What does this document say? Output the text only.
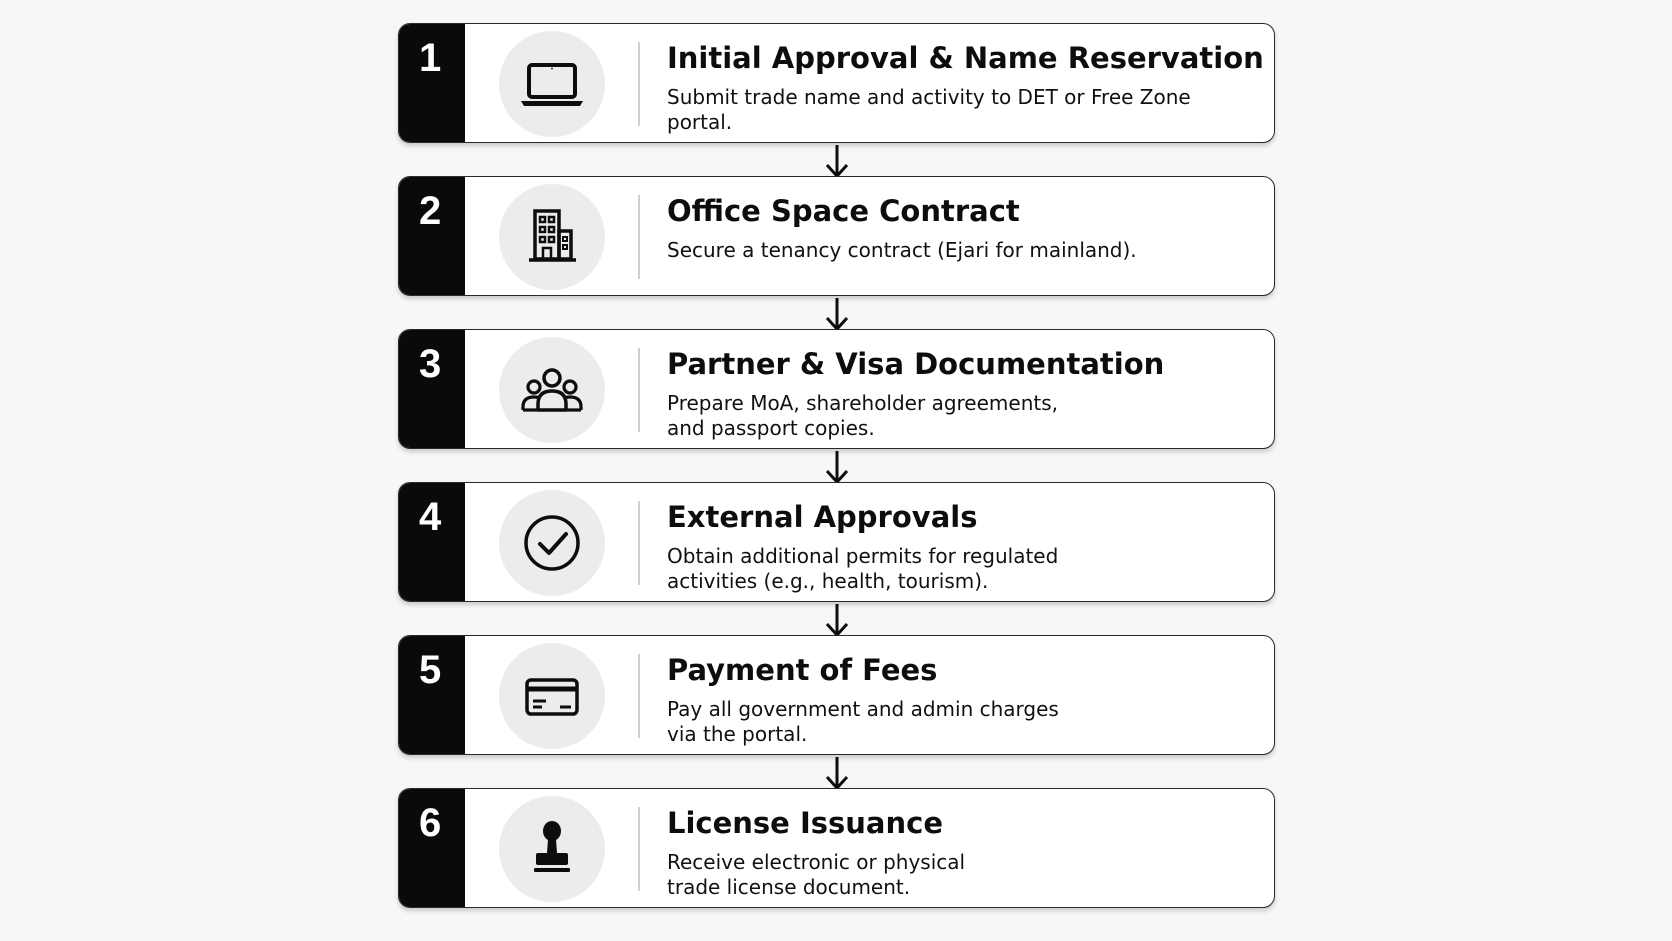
1	Initial Approval & Name Reservation
Submit trade name and activity to DET or Free Zone portal.
2	Office Space Contract
Secure a tenancy contract (Ejari for mainland).
3	Partner & Visa Documentation
Prepare MoA, shareholder agreements,
and passport copies.
4	External Approvals
Obtain additional permits for regulated
activities (e.g., health, tourism).
5	Payment of Fees
Pay all government and admin charges
via the portal.
6	License Issuance
Receive electronic or physical
trade license document.
